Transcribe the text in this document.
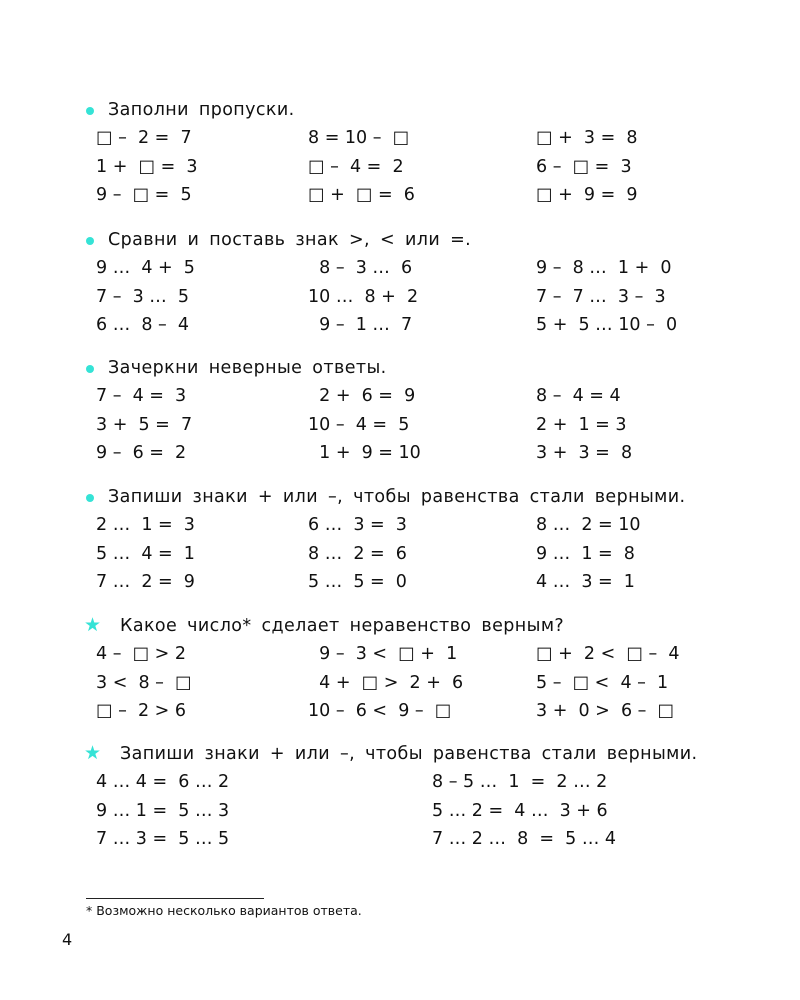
Заполни пропуски.

□ –  2 =  7

	8 = 10 –  □

	□ +  3 =  8

1 +  □ =  3

	□ –  4 =  2

	6 –  □ =  3

9 –  □ =  5

	□ +  □ =  6

	□ +  9 =  9

Сравни и поставь знак >, < или =.

9 …  4 +  5

	8 –  3 …  6

	9 –  8 …  1 +  0

7 –  3 …  5

	10 …  8 +  2

	7 –  7 …  3 –  3

6 …  8 –  4

	9 –  1 …  7

	5 +  5 … 10 –  0

Зачеркни неверные ответы.

7 –  4 =  3

	2 +  6 =  9

	8 –  4 = 4

3 +  5 =  7

	10 –  4 =  5

	2 +  1 = 3

9 –  6 =  2

	1 +  9 = 10

	3 +  3 =  8

Запиши знаки + или –, чтобы равенства стали верными.

2 …  1 =  3

	6 …  3 =  3

	8 …  2 = 10

5 …  4 =  1

	8 …  2 =  6

	9 …  1 =  8

7 …  2 =  9

	5 …  5 =  0

	4 …  3 =  1

★ Какое число* сделает неравенство верным?

4 –  □ > 2

	9 –  3 <  □ +  1

	□ +  2 <  □ –  4

3 <  8 –  □

	4 +  □ >  2 +  6

	5 –  □ <  4 –  1

□ –  2 > 6

	10 –  6 <  9 –  □

	3 +  0 >  6 –  □

★ Запиши знаки + или –, чтобы равенства стали верными.

4 … 4 =  6 … 2

	8 – 5 …  1  =  2 … 2

9 … 1 =  5 … 3

	5 … 2 =  4 …  3 + 6

7 … 3 =  5 … 5

	7 … 2 …  8  =  5 … 4

* Возможно несколько вариантов ответа.
4
